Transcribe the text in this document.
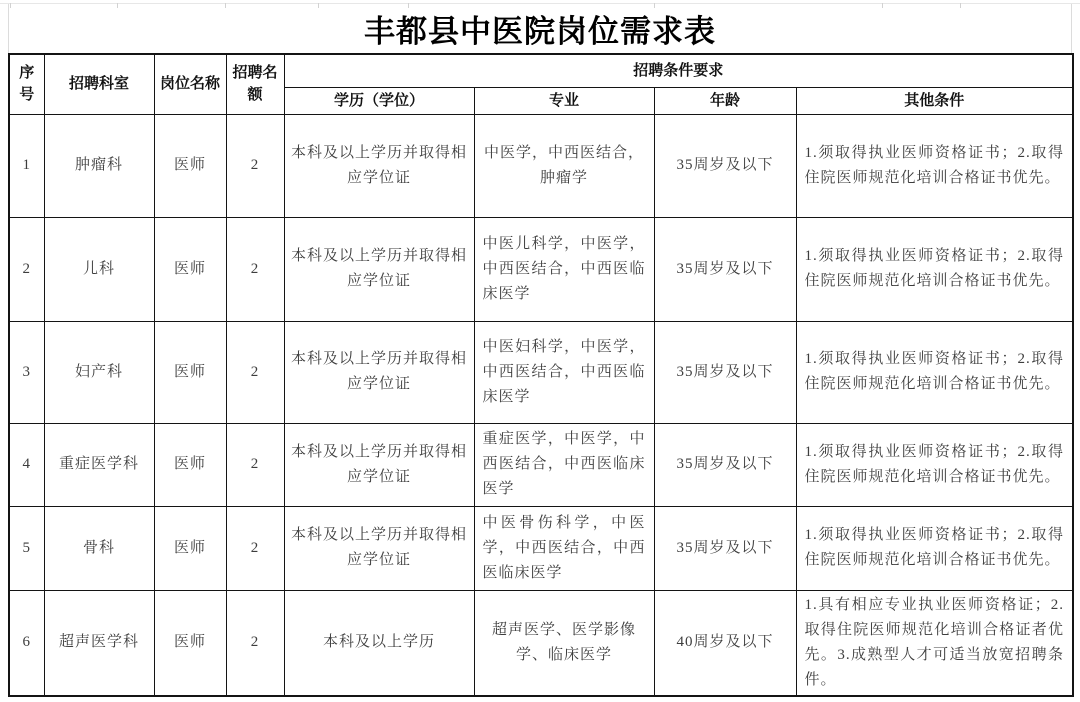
丰都县中医院岗位需求表
序号	招聘科室	岗位名称	招聘名额	招聘条件要求			
				学历（学位）	专业	年龄	其他条件
1	肿瘤科	医师	2	本科及以上学历并取得相应学位证	中医学，中西医结合，肿瘤学	35周岁及以下	1.须取得执业医师资格证书；2.取得住院医师规范化培训合格证书优先。
2	儿科	医师	2	本科及以上学历并取得相应学位证	中医儿科学，中医学，中西医结合，中西医临床医学	35周岁及以下	1.须取得执业医师资格证书；2.取得住院医师规范化培训合格证书优先。
3	妇产科	医师	2	本科及以上学历并取得相应学位证	中医妇科学，中医学，中西医结合，中西医临床医学	35周岁及以下	1.须取得执业医师资格证书；2.取得住院医师规范化培训合格证书优先。
4	重症医学科	医师	2	本科及以上学历并取得相应学位证	重症医学，中医学，中西医结合，中西医临床医学	35周岁及以下	1.须取得执业医师资格证书；2.取得住院医师规范化培训合格证书优先。
5	骨科	医师	2	本科及以上学历并取得相应学位证	中医骨伤科学，中医学，中西医结合，中西医临床医学	35周岁及以下	1.须取得执业医师资格证书；2.取得住院医师规范化培训合格证书优先。
6	超声医学科	医师	2	本科及以上学历	超声医学、医学影像学、临床医学	40周岁及以下	1.具有相应专业执业医师资格证；2.取得住院医师规范化培训合格证者优先。3.成熟型人才可适当放宽招聘条件。
